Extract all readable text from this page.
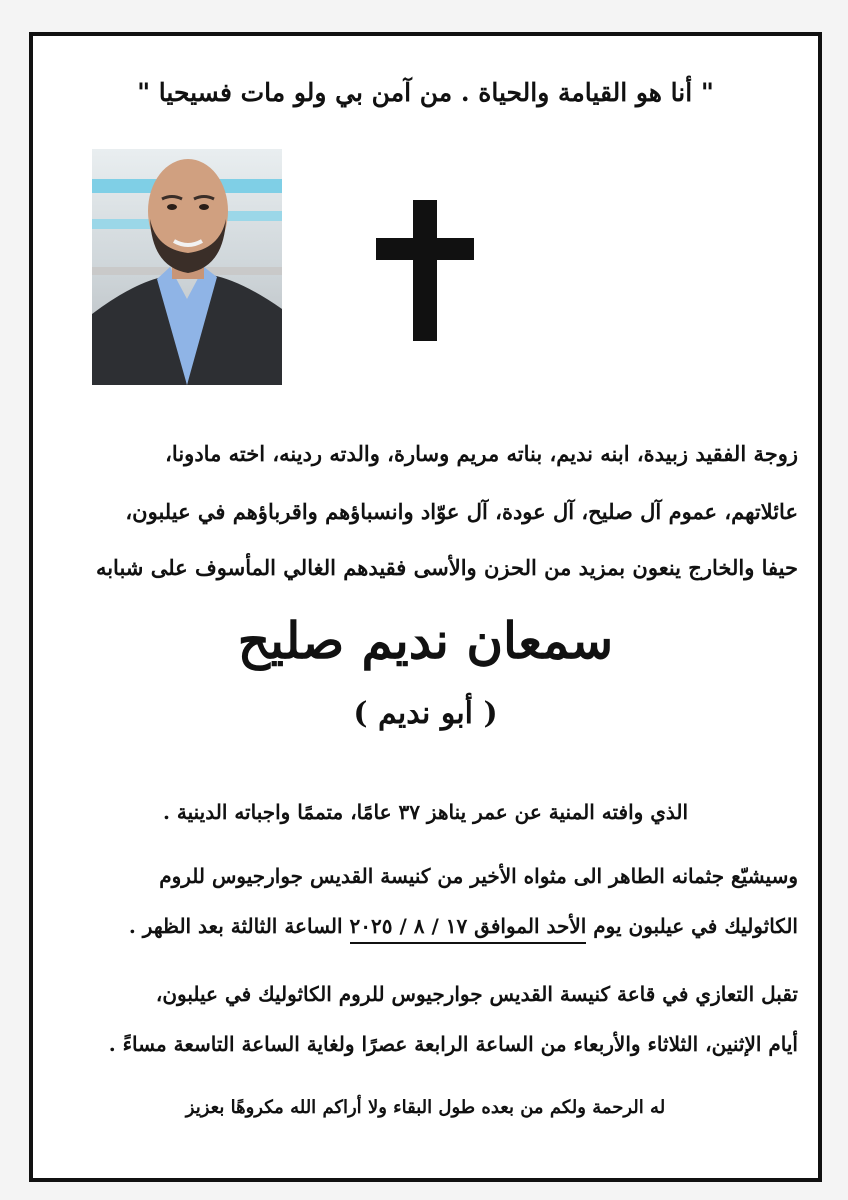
" أنا هو القيامة والحياة . من آمن بي ولو مات فسيحيا "
زوجة الفقيد زبيدة، ابنه نديم، بناته مريم وسارة، والدته ردينه، اخته مادونا،
عائلاتهم، عموم آل صليح، آل عودة، آل عوّاد وانسباؤهم واقرباؤهم في عيلبون،
حيفا والخارج ينعون بمزيد من الحزن والأسى فقيدهم الغالي المأسوف على شبابه
سمعان نديم صليح
( أبو نديم )
الذي وافته المنية عن عمر يناهز ٣٧ عامًا، متممًا واجباته الدينية .
وسيشيّع جثمانه الطاهر الى مثواه الأخير من كنيسة القديس جوارجيوس للروم
الكاثوليك في عيلبون يوم الأحد الموافق ١٧ / ٨ / ٢٠٢٥ الساعة الثالثة بعد الظهر .
تقبل التعازي في قاعة كنيسة القديس جوارجيوس للروم الكاثوليك في عيلبون،
أيام الإثنين، الثلاثاء والأربعاء من الساعة الرابعة عصرًا ولغاية الساعة التاسعة مساءً .
له الرحمة ولكم من بعده طول البقاء ولا أراكم الله مكروهًا بعزيز
